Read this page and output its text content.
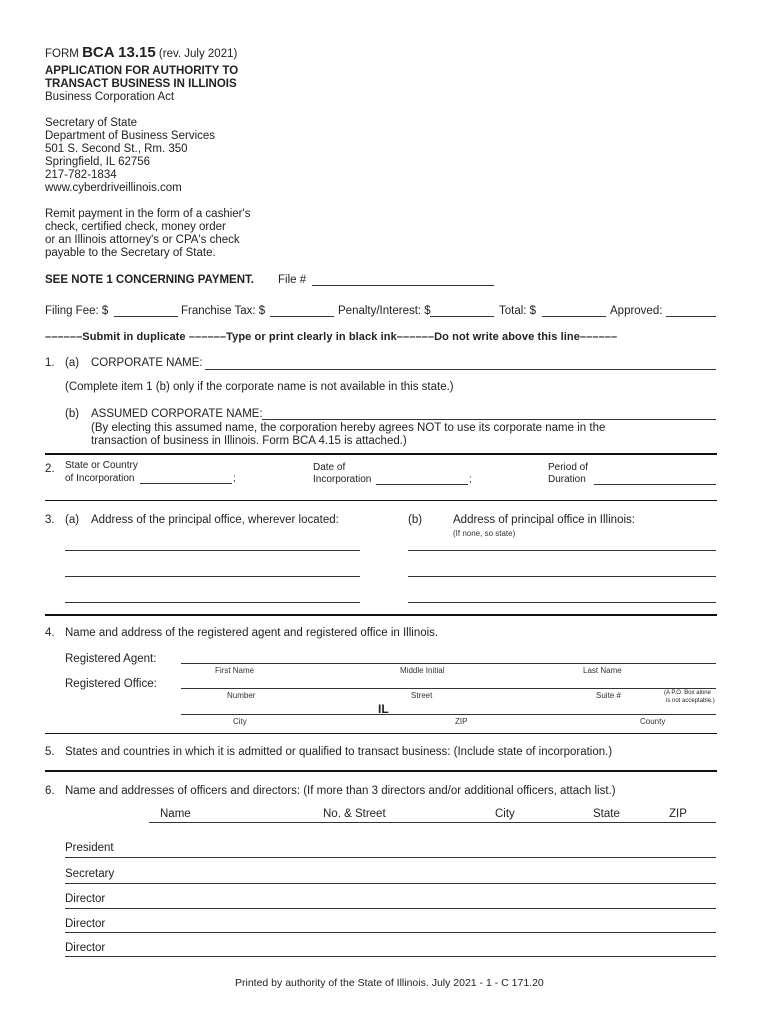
FORM BCA 13.15 (rev. July 2021)
APPLICATION FOR AUTHORITY TO
TRANSACT BUSINESS IN ILLINOIS
Business Corporation Act
Secretary of State
Department of Business Services
501 S. Second St., Rm. 350
Springfield, IL 62756
217-782-1834
www.cyberdriveillinois.com
Remit payment in the form of a cashier's
check, certified check, money order
or an Illinois attorney's or CPA's check
payable to the Secretary of State.
SEE NOTE 1 CONCERNING PAYMENT. File #
Filing Fee: $	Franchise Tax: $	Penalty/Interest: $	Total: $	Approved:
––––––Submit in duplicate ––––––Type or print clearly in black ink––––––Do not write above this line––––––
1. (a) CORPORATE NAME:
(Complete item 1 (b) only if the corporate name is not available in this state.)
(b) ASSUMED CORPORATE NAME:
(By electing this assumed name, the corporation hereby agrees NOT to use its corporate name in the
transaction of business in Illinois. Form BCA 4.15 is attached.)
2. State or Country
of Incorporation	;
Date of
Incorporation	;
Period of
Duration
3. (a) Address of the principal office, wherever located:	(b)	Address of principal office in Illinois:
(If none, so state)
4. Name and address of the registered agent and registered office in Illinois.
Registered Agent:
First Name	Middle Initial	Last Name
Registered Office:
Number	Street	Suite #	(A P.O. Box alone
is not acceptable.)
IL
City	ZIP	County
5. States and countries in which it is admitted or qualified to transact business: (Include state of incorporation.)
6. Name and addresses of officers and directors: (If more than 3 directors and/or additional officers, attach list.)
Name	No. & Street	City	State	ZIP
President
Secretary
Director
Director
Director
Printed by authority of the State of Illinois. July 2021 - 1 - C 171.20
